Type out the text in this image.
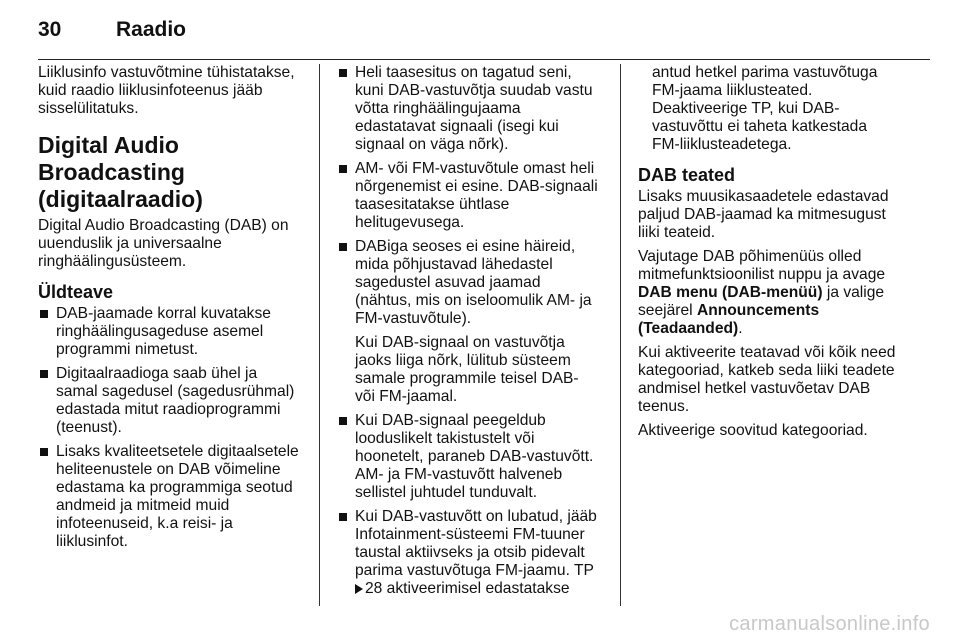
30	Raadio

Liiklusinfo vastuvõtmine tühistatakse,
kuid raadio liiklusinfoteenus jääb
sisselülitatuks.

Digital Audio Broadcasting
(digitaalraadio)

Digital Audio Broadcasting (DAB) on
uuenduslik ja universaalne
ringhäälingusüsteem.

Üldteave
DAB-jaamade korral kuvatakse
ringhäälingusageduse asemel
programmi nimetust.
Digitaalraadioga saab ühel ja
samal sagedusel (sagedusrühmal)
edastada mitut raadioprogrammi
(teenust).
Lisaks kvaliteetsetele digitaalsetele
heliteenustele on DAB võimeline
edastama ka programmiga seotud
andmeid ja mitmeid muid
infoteenuseid, k.a reisi- ja
liiklusinfot.
Heli taasesitus on tagatud seni,
kuni DAB-vastuvõtja suudab vastu
võtta ringhäälingujaama
edastatavat signaali (isegi kui
signaal on väga nõrk).
AM- või FM-vastuvõtule omast heli
nõrgenemist ei esine. DAB-signaali
taasesitatakse ühtlase
helitugevusega.
DABiga seoses ei esine häireid,
mida põhjustavad lähedastel
sagedustel asuvad jaamad
(nähtus, mis on iseloomulik AM- ja
FM-vastuvõtule).

Kui DAB-signaal on vastuvõtja
jaoks liiga nõrk, lülitub süsteem
samale programmile teisel DAB-
või FM-jaamal.

Kui DAB-signaal peegeldub
looduslikelt takistustelt või
hoonetelt, paraneb DAB-vastuvõtt.
AM- ja FM-vastuvõtt halveneb
sellistel juhtudel tunduvalt.
Kui DAB-vastuvõtt on lubatud, jääb
Infotainment-süsteemi FM-tuuner
taustal aktiivseks ja otsib pidevalt
parima vastuvõtuga FM-jaamu. TP
28 aktiveerimisel edastatakse

antud hetkel parima vastuvõtuga
FM-jaama liiklusteated.
Deaktiveerige TP, kui DAB-
vastuvõttu ei taheta katkestada
FM-liiklusteadetega.

DAB teated

Lisaks muusikasaadetele edastavad
paljud DAB-jaamad ka mitmesugust
liiki teateid.

Vajutage DAB põhimenüüs olled
mitmefunktsioonilist nuppu ja avage
DAB menu (DAB-menüü) ja valige
seejärel Announcements
(Teadaanded).

Kui aktiveerite teatavad või kõik need
kategooriad, katkeb seda liiki teadete
andmisel hetkel vastuvõetav DAB
teenus.

Aktiveerige soovitud kategooriad.

carmanualsonline.info
